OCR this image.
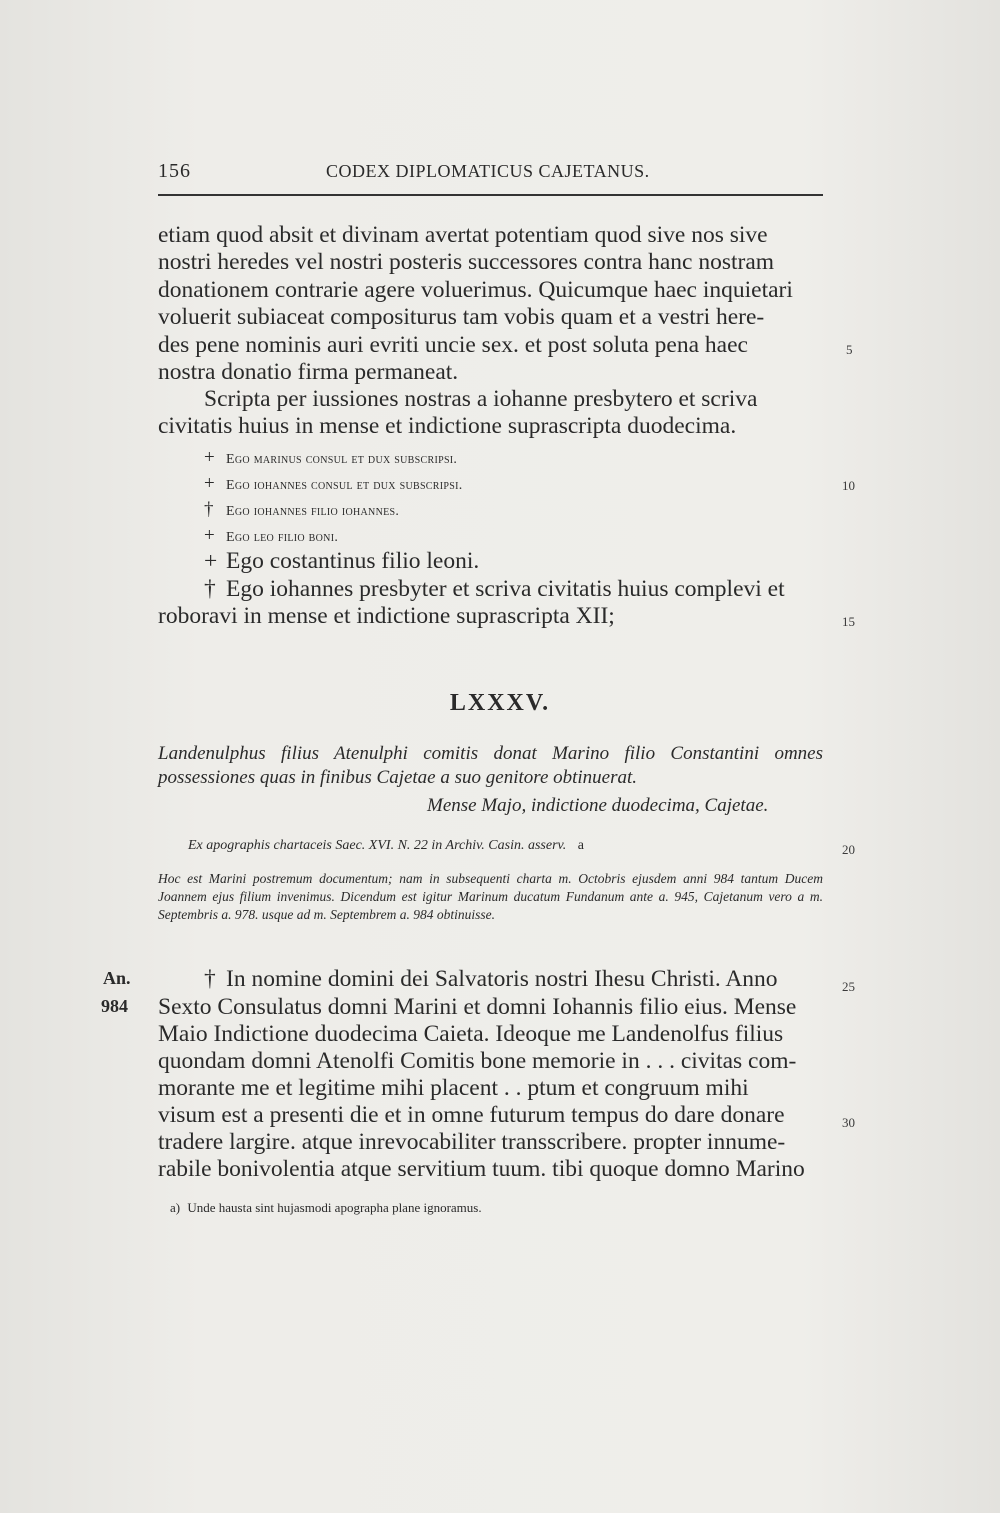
156	CODEX DIPLOMATICUS CAJETANUS.
etiam quod absit et divinam avertat potentiam quod sive nos sive
nostri heredes vel nostri posteris successores contra hanc nostram
donationem contrarie agere voluerimus. Quicumque haec inquietari
voluerit subiaceat compositurus tam vobis quam et a vestri here-
des pene nominis auri evriti uncie sex. et post soluta pena haec
nostra donatio firma permaneat.
Scripta per iussiones nostras a iohanne presbytero et scriva
civitatis huius in mense et indictione suprascripta duodecima.
+ Ego marinus consul et dux subscripsi.
+ Ego iohannes consul et dux subscripsi.
† Ego iohannes filio iohannes.
+ Ego leo filio boni.
+ Ego costantinus filio leoni.
† Ego iohannes presbyter et scriva civitatis huius complevi et
roboravi in mense et indictione suprascripta XII;
5
10
15
20
25
30
LXXXV.
Landenulphus filius Atenulphi comitis donat Marino filio Constantini omnes possessiones quas in finibus Cajetae a suo genitore obtinuerat.
Mense Majo, indictione duodecima, Cajetae.
Ex apographis chartaceis Saec. XVI. N. 22 in Archiv. Casin. asserv. a
Hoc est Marini postremum documentum; nam in subsequenti charta m. Octobris ejusdem anni 984 tantum Ducem Joannem ejus filium invenimus. Dicendum est igitur Marinum ducatum Fundanum ante a. 945, Cajetanum vero a m. Septembris a. 978. usque ad m. Septembrem a. 984 obtinuisse.
An.
984
† In nomine domini dei Salvatoris nostri Ihesu Christi. Anno
Sexto Consulatus domni Marini et domni Iohannis filio eius. Mense
Maio Indictione duodecima Caieta. Ideoque me Landenolfus filius
quondam domni Atenolfi Comitis bone memorie in . . . civitas com-
morante me et legitime mihi placent . . ptum et congruum mihi
visum est a presenti die et in omne futurum tempus do dare donare
tradere largire. atque inrevocabiliter transscribere. propter innume-
rabile bonivolentia atque servitium tuum. tibi quoque domno Marino
a) Unde hausta sint hujasmodi apographa plane ignoramus.
